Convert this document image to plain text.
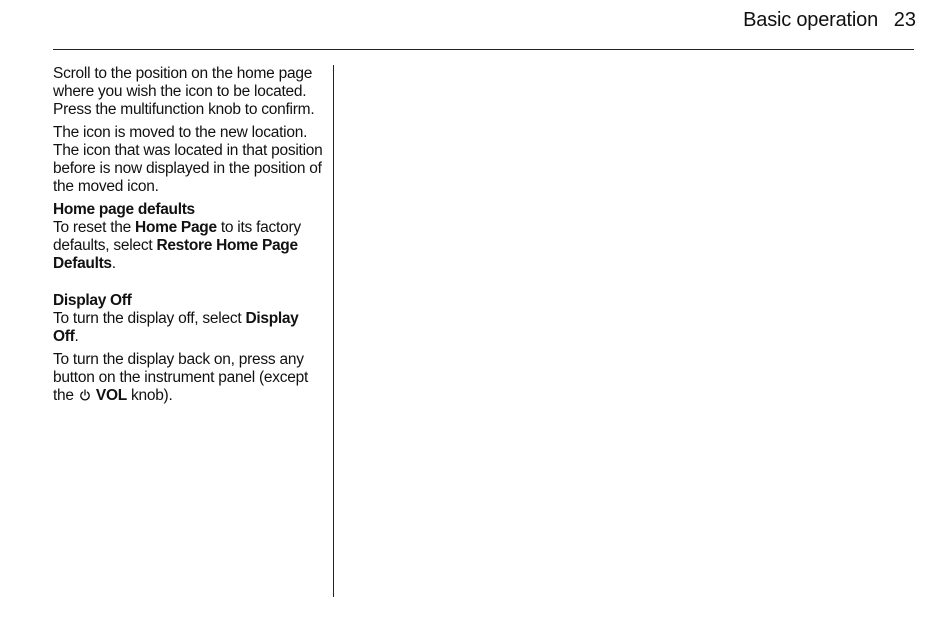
Basic operation 23

Scroll to the position on the home page where you wish the icon to be located. Press the multifunction knob to confirm.

The icon is moved to the new location. The icon that was located in that position before is now displayed in the position of the moved icon.

Home page defaults

To reset the Home Page to its factory defaults, select Restore Home Page Defaults.

Display Off

To turn the display off, select Display Off.

To turn the display back on, press any button on the instrument panel (except the  VOL knob).
